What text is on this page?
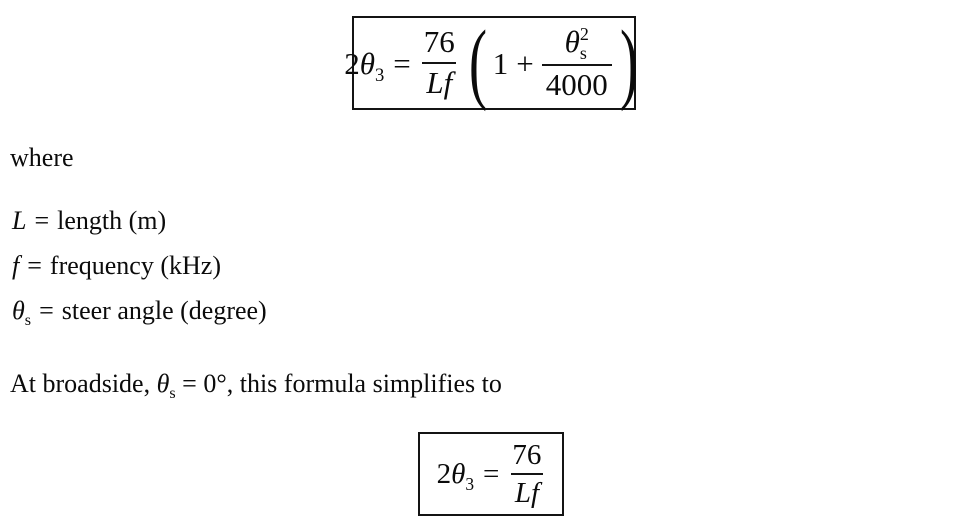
$2\theta_3 = \frac{76}{Lf}$ ( 1 + θ 2
s
4000 )
where
L = length (m)
f = frequency (kHz)
$\theta_s$ = steer angle (degree)
At broadside, $\theta_s = 0^\circ$, this formula simplifies to
$2\theta_3 = \frac{76}{Lf}$
